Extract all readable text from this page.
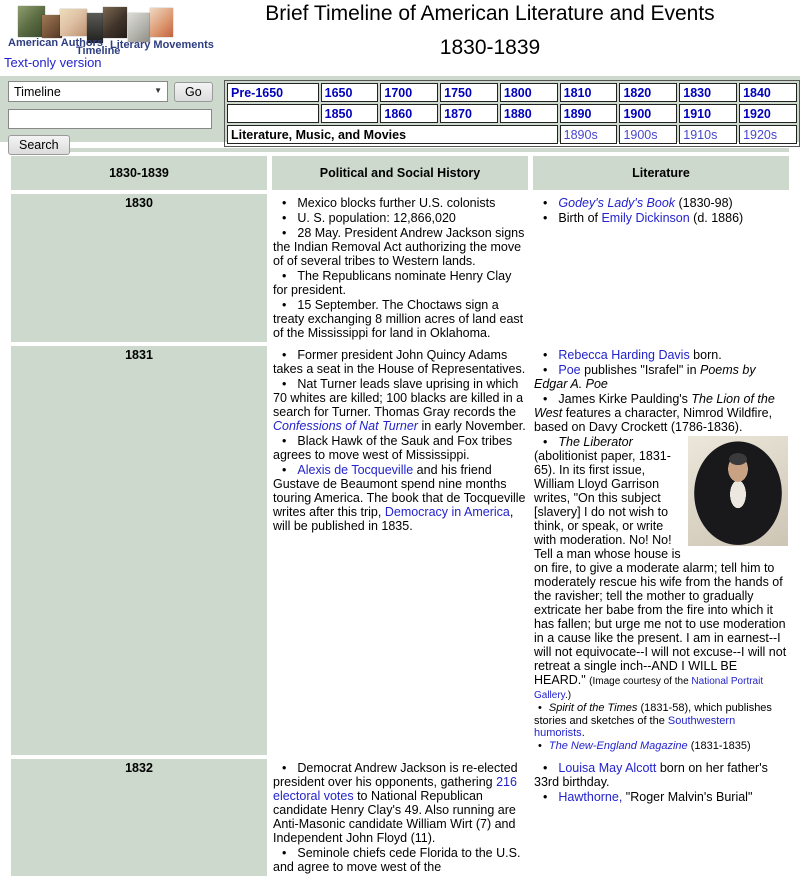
American Authors
Timeline
Literary Movements
Text-only version
Brief Timeline of American Literature and Events
1830-1839
Timeline	▼	Go
Search
Pre-1650	1650	1700	1750	1800	1810	1820	1830	1840
	1850	1860	1870	1880	1890	1900	1910	1920
Literature, Music, and Movies					1890s	1900s	1910s	1920s

1830-1839	Political and Social History	Literature
1830	
•Mexico blocks further U.S. colonists
• U. S. population: 12,866,020
• 28 May. President Andrew Jackson signs the Indian Removal Act authorizing the move of of several tribes to Western lands.
• The Republicans nominate Henry Clay for president.
• 15 September. The Choctaws sign a treaty exchanging 8 million acres of land east of the Mississippi for land in Oklahoma.

• Godey's Lady's Book (1830-98)
• Birth of Emily Dickinson (d. 1886)

1831	
•Former president John Quincy Adams takes a seat in the House of Representatives.
• Nat Turner leads slave uprising in which 70 whites are killed; 100 blacks are killed in a search for Turner. Thomas Gray records the Confessions of Nat Turner in early November.
• Black Hawk of the Sauk and Fox tribes agrees to move west of Mississippi.
• Alexis de Tocqueville and his friend Gustave de Beaumont spend nine months touring America. The book that de Tocqueville writes after this trip, Democracy in America, will be published in 1835.

• Rebecca Harding Davis born.
• Poe publishes "Israfel" in Poems by Edgar A. Poe
• James Kirke Paulding's The Lion of the West features a character, Nimrod Wildfire, based on Davy Crockett (1786-1836).
• The Liberator (abolitionist paper, 1831-65). In its first issue, William Lloyd Garrison writes, "On this subject [slavery] I do not wish to think, or speak, or write with moderation. No! No! Tell a man whose house is on fire, to give a moderate alarm; tell him to moderately rescue his wife from the hands of the ravisher; tell the mother to gradually extricate her babe from the fire into which it has fallen; but urge me not to use moderation in a cause like the present. I am in earnest--I will not equivocate--I will not excuse--I will not retreat a single inch--AND I WILL BE HEARD." (Image courtesy of the National Portrait Gallery.)
• Spirit of the Times (1831-58), which publishes stories and sketches of the Southwestern humorists.
• The New-England Magazine (1831-1835)

1832	
•Democrat Andrew Jackson is re-elected president over his opponents, gathering 216 electoral votes to National Republican candidate Henry Clay's 49. Also running are Anti-Masonic candidate William Wirt (7) and Independent John Floyd (11).
• Seminole chiefs cede Florida to the U.S. and agree to move west of the

• Louisa May Alcott born on her father's 33rd birthday.
• Hawthorne, "Roger Malvin's Burial"
